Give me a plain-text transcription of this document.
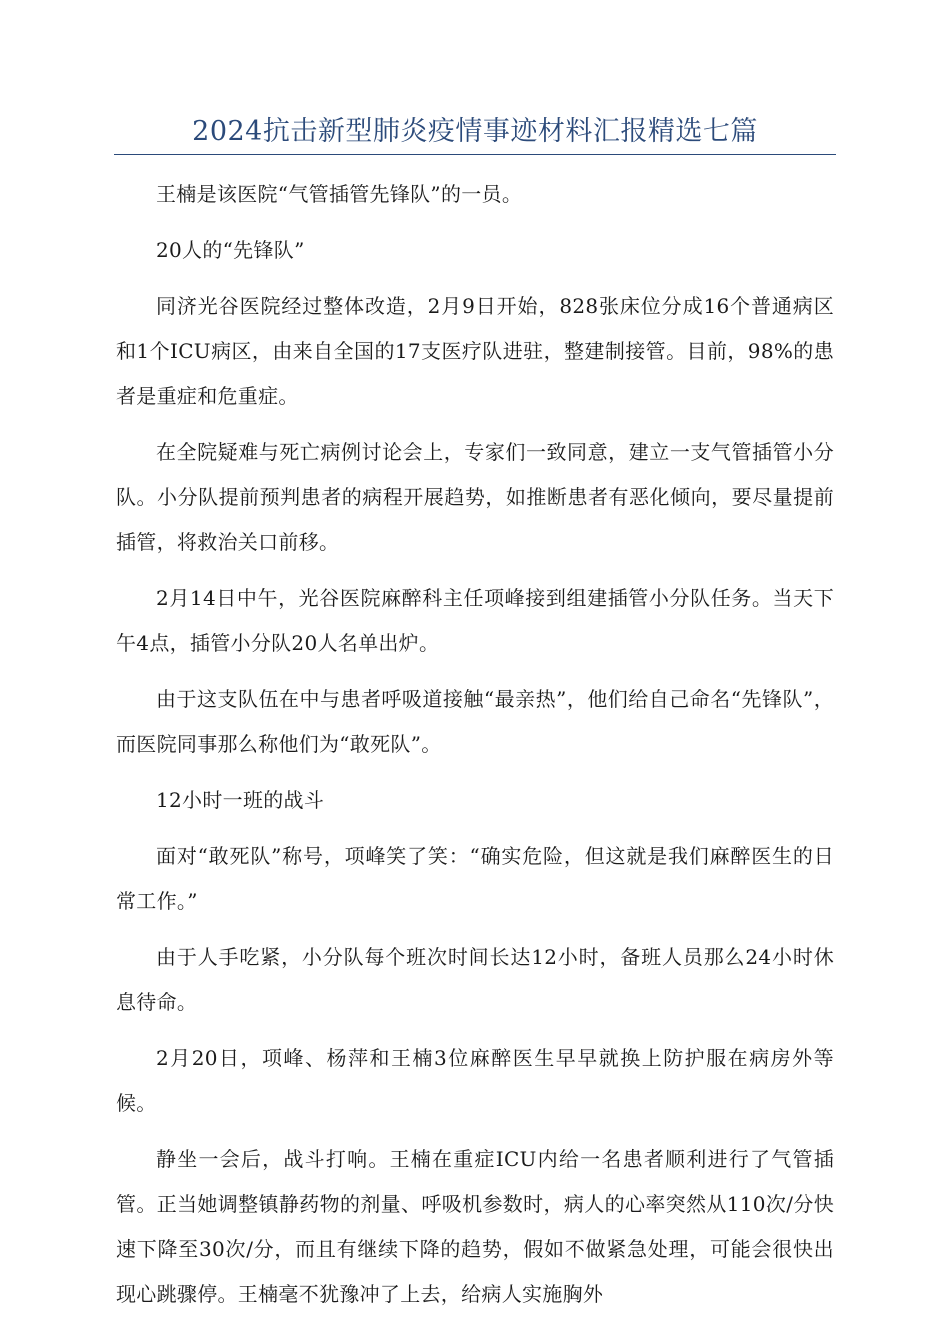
2024抗击新型肺炎疫情事迹材料汇报精选七篇

王楠是该医院“气管插管先锋队”的一员。

20人的“先锋队”

同济光谷医院经过整体改造，2月9日开始，828张床位分成16个普通病区和1个ICU病区，由来自全国的17支医疗队进驻，整建制接管。目前，98%的患者是重症和危重症。

在全院疑难与死亡病例讨论会上，专家们一致同意，建立一支气管插管小分队。小分队提前预判患者的病程开展趋势，如推断患者有恶化倾向，要尽量提前插管，将救治关口前移。

2月14日中午，光谷医院麻醉科主任项峰接到组建插管小分队任务。当天下午4点，插管小分队20人名单出炉。

由于这支队伍在中与患者呼吸道接触“最亲热”，他们给自己命名“先锋队”，而医院同事那么称他们为“敢死队”。

12小时一班的战斗

面对“敢死队”称号，项峰笑了笑：“确实危险，但这就是我们麻醉医生的日常工作。”

由于人手吃紧，小分队每个班次时间长达12小时，备班人员那么24小时休息待命。

2月20日，项峰、杨萍和王楠3位麻醉医生早早就换上防护服在病房外等候。

静坐一会后，战斗打响。王楠在重症ICU内给一名患者顺利进行了气管插管。正当她调整镇静药物的剂量、呼吸机参数时，病人的心率突然从110次/分快速下降至30次/分，而且有继续下降的趋势，假如不做紧急处理，可能会很快出现心跳骤停。王楠毫不犹豫冲了上去，给病人实施胸外
